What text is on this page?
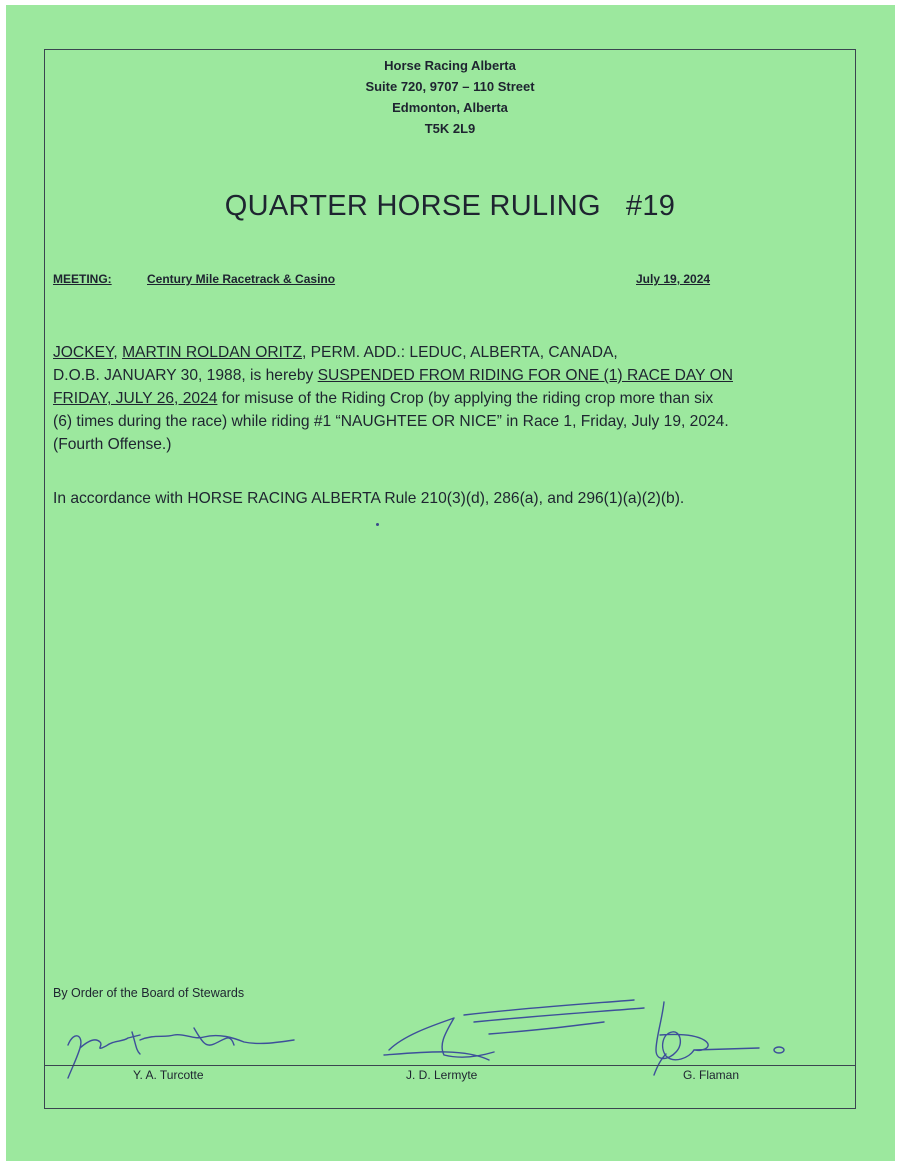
Horse Racing Alberta
Suite 720, 9707 – 110 Street
Edmonton, Alberta
T5K 2L9
QUARTER HORSE RULING   #19
MEETING:	Century Mile Racetrack & Casino	July 19, 2024
JOCKEY, MARTIN ROLDAN ORITZ, PERM. ADD.: LEDUC, ALBERTA, CANADA,
D.O.B. JANUARY 30, 1988, is hereby SUSPENDED FROM RIDING FOR ONE (1) RACE DAY ON
FRIDAY, JULY 26, 2024 for misuse of the Riding Crop (by applying the riding crop more than six
(6) times during the race) while riding #1 “NAUGHTEE OR NICE” in Race 1, Friday, July 19, 2024.
(Fourth Offense.)
In accordance with HORSE RACING ALBERTA Rule 210(3)(d), 286(a), and 296(1)(a)(2)(b).
By Order of the Board of Stewards
Y. A. Turcotte	J. D. Lermyte	G. Flaman
